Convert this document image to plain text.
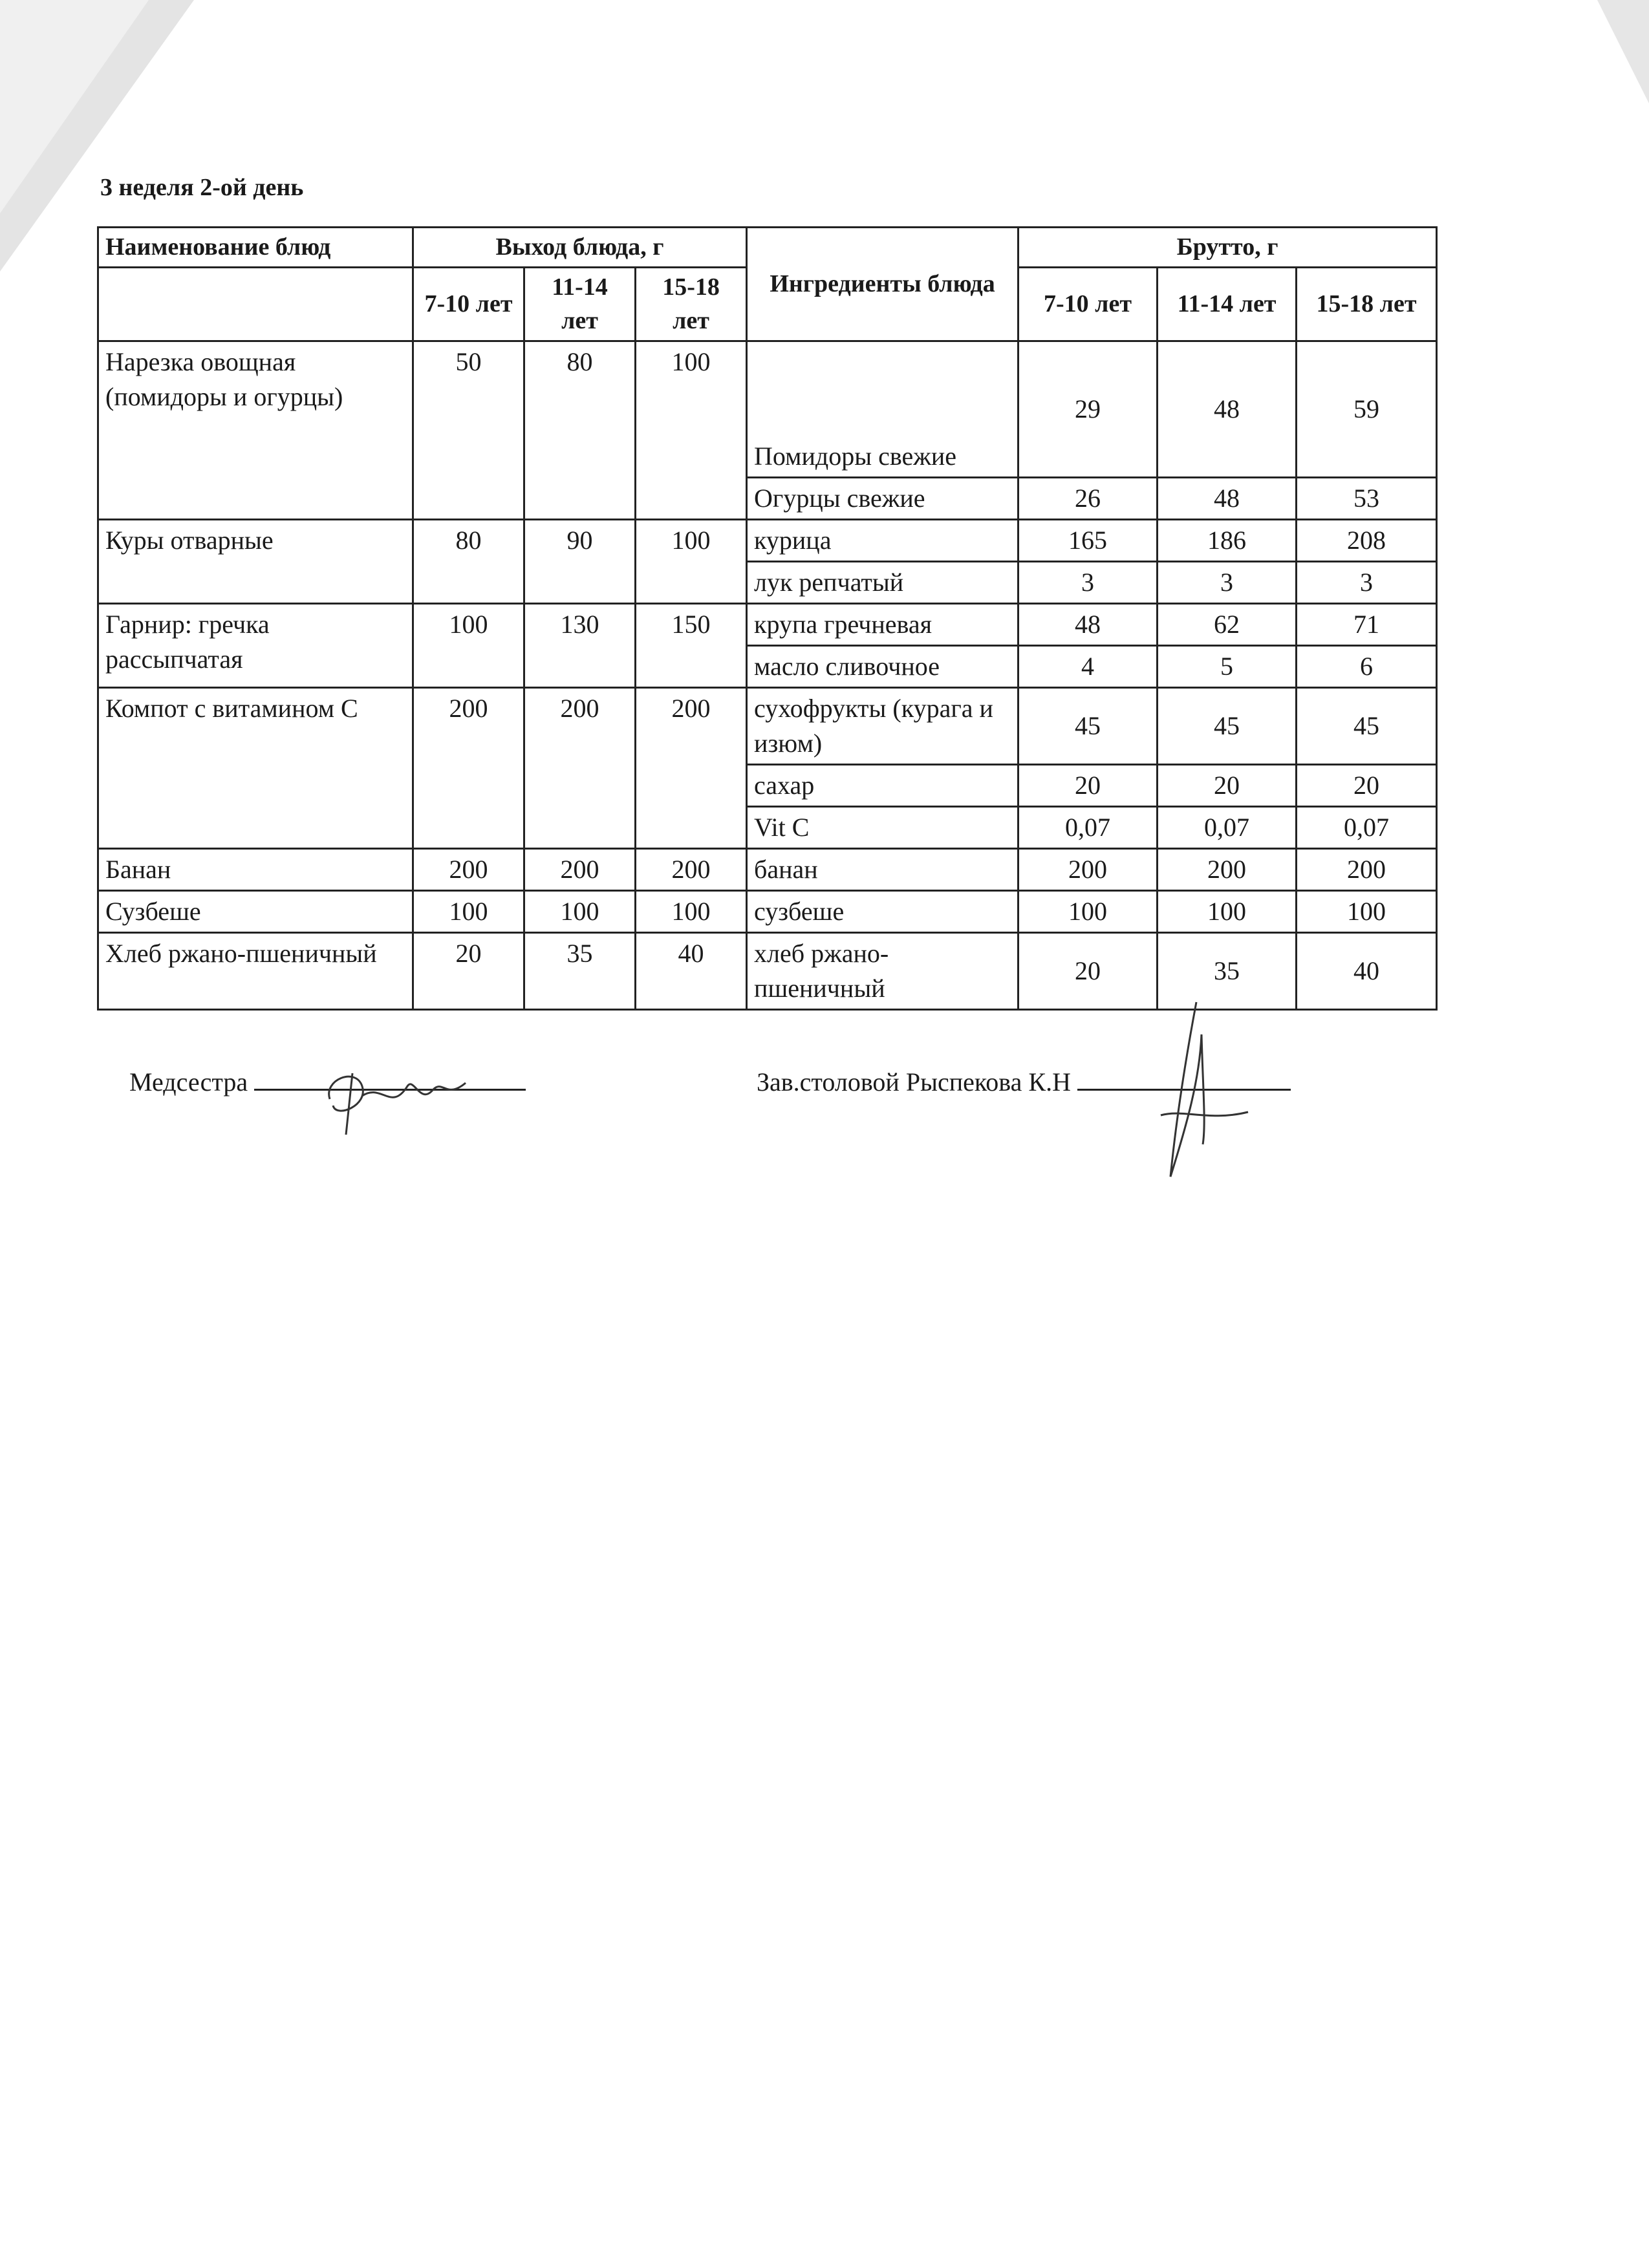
3 неделя 2-ой день
Наименование блюд	Выход блюда, г			Ингредиенты блюда	Брутто, г		
	7-10 лет	11-14 лет	15-18 лет		7-10 лет	11-14 лет	15-18 лет
Нарезка овощная (помидоры и огурцы)	50	80	100	Помидоры свежие	29	48	59
				Огурцы свежие	26	48	53
Куры отварные	80	90	100	курица	165	186	208
				лук репчатый	3	3	3
Гарнир: гречка рассыпчатая	100	130	150	крупа гречневая	48	62	71
				масло сливочное	4	5	6
Компот с витамином С	200	200	200	сухофрукты (курага и изюм)	45	45	45
				сахар	20	20	20
				Vit C	0,07	0,07	0,07
Банан	200	200	200	банан	200	200	200
Сузбеше	100	100	100	сузбеше	100	100	100
Хлеб ржано-пшеничный	20	35	40	хлеб ржано-пшеничный	20	35	40
Медсестра	Зав.столовой Рыспекова К.Н
